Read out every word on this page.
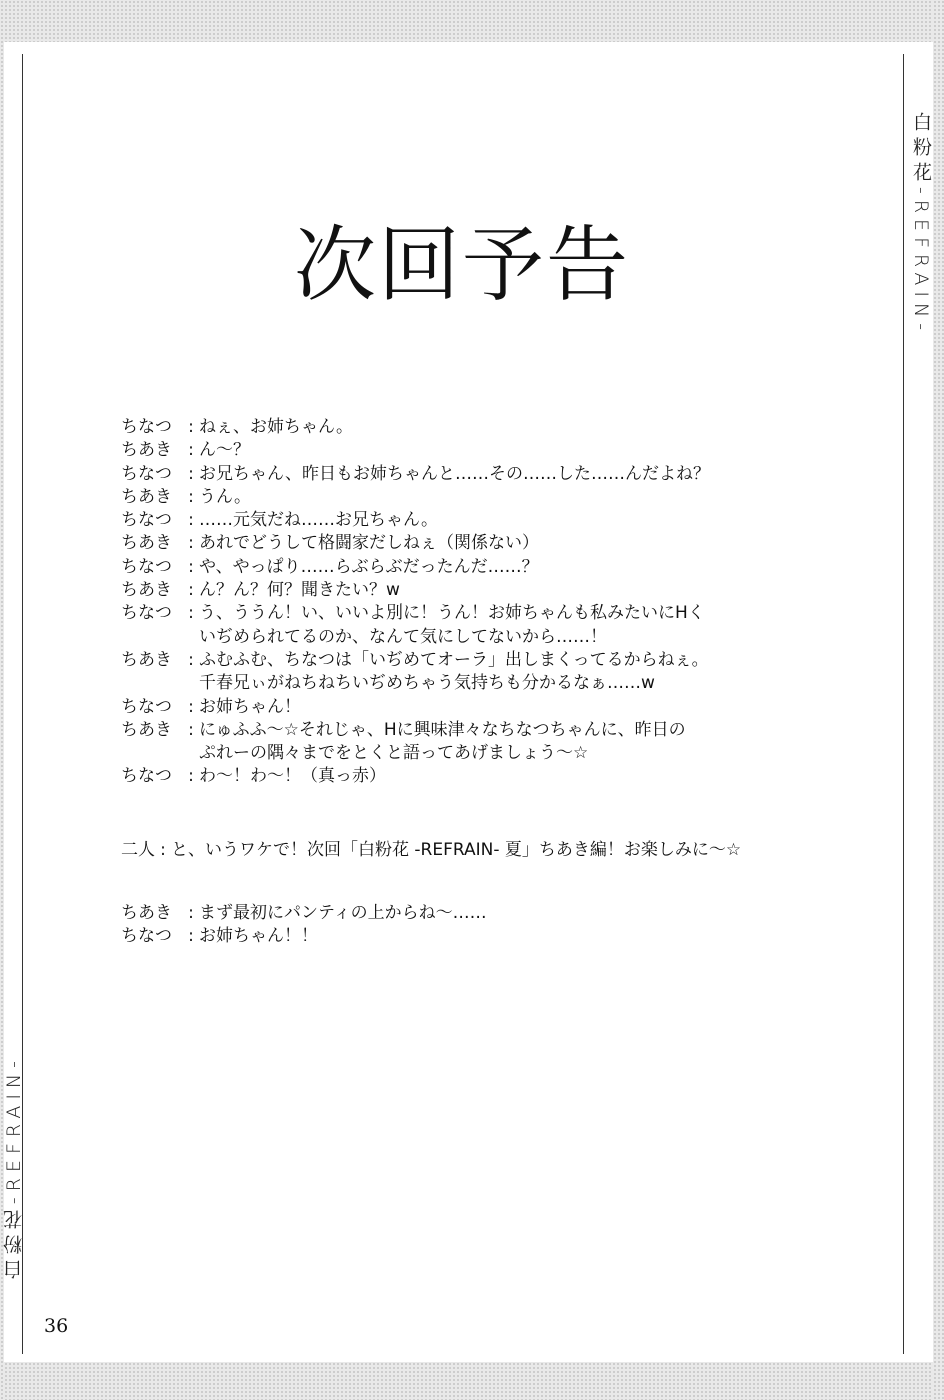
白粉花-REFRAIN-
白粉花-REFRAIN-
次回予告
ちなつ : ねぇ、お姉ちゃん。
ちあき : ん～？
ちなつ : お兄ちゃん、昨日もお姉ちゃんと……その……した……んだよね？
ちあき : うん。
ちなつ : ……元気だね……お兄ちゃん。
ちあき : あれでどうして格闘家だしねぇ（関係ない）
ちなつ : や、やっぱり……らぶらぶだったんだ……？
ちあき : ん？ん？何？聞きたい？w
ちなつ : う、ううん！い、いいよ別に！うん！お姉ちゃんも私みたいにHく
いぢめられてるのか、なんて気にしてないから……！
ちあき : ふむふむ、ちなつは「いぢめてオーラ」出しまくってるからねぇ。
千春兄ぃがねちねちいぢめちゃう気持ちも分かるなぁ……w
ちなつ : お姉ちゃん！
ちあき : にゅふふ～☆それじゃ、Hに興味津々なちなつちゃんに、昨日の
ぷれーの隅々までをとくと語ってあげましょう～☆
ちなつ : わ～！わ～！（真っ赤）
二人 : と、いうワケで！次回「白粉花 -REFRAIN- 夏」ちあき編！お楽しみに～☆
ちあき : まず最初にパンティの上からね～……
ちなつ : お姉ちゃん！！
36
